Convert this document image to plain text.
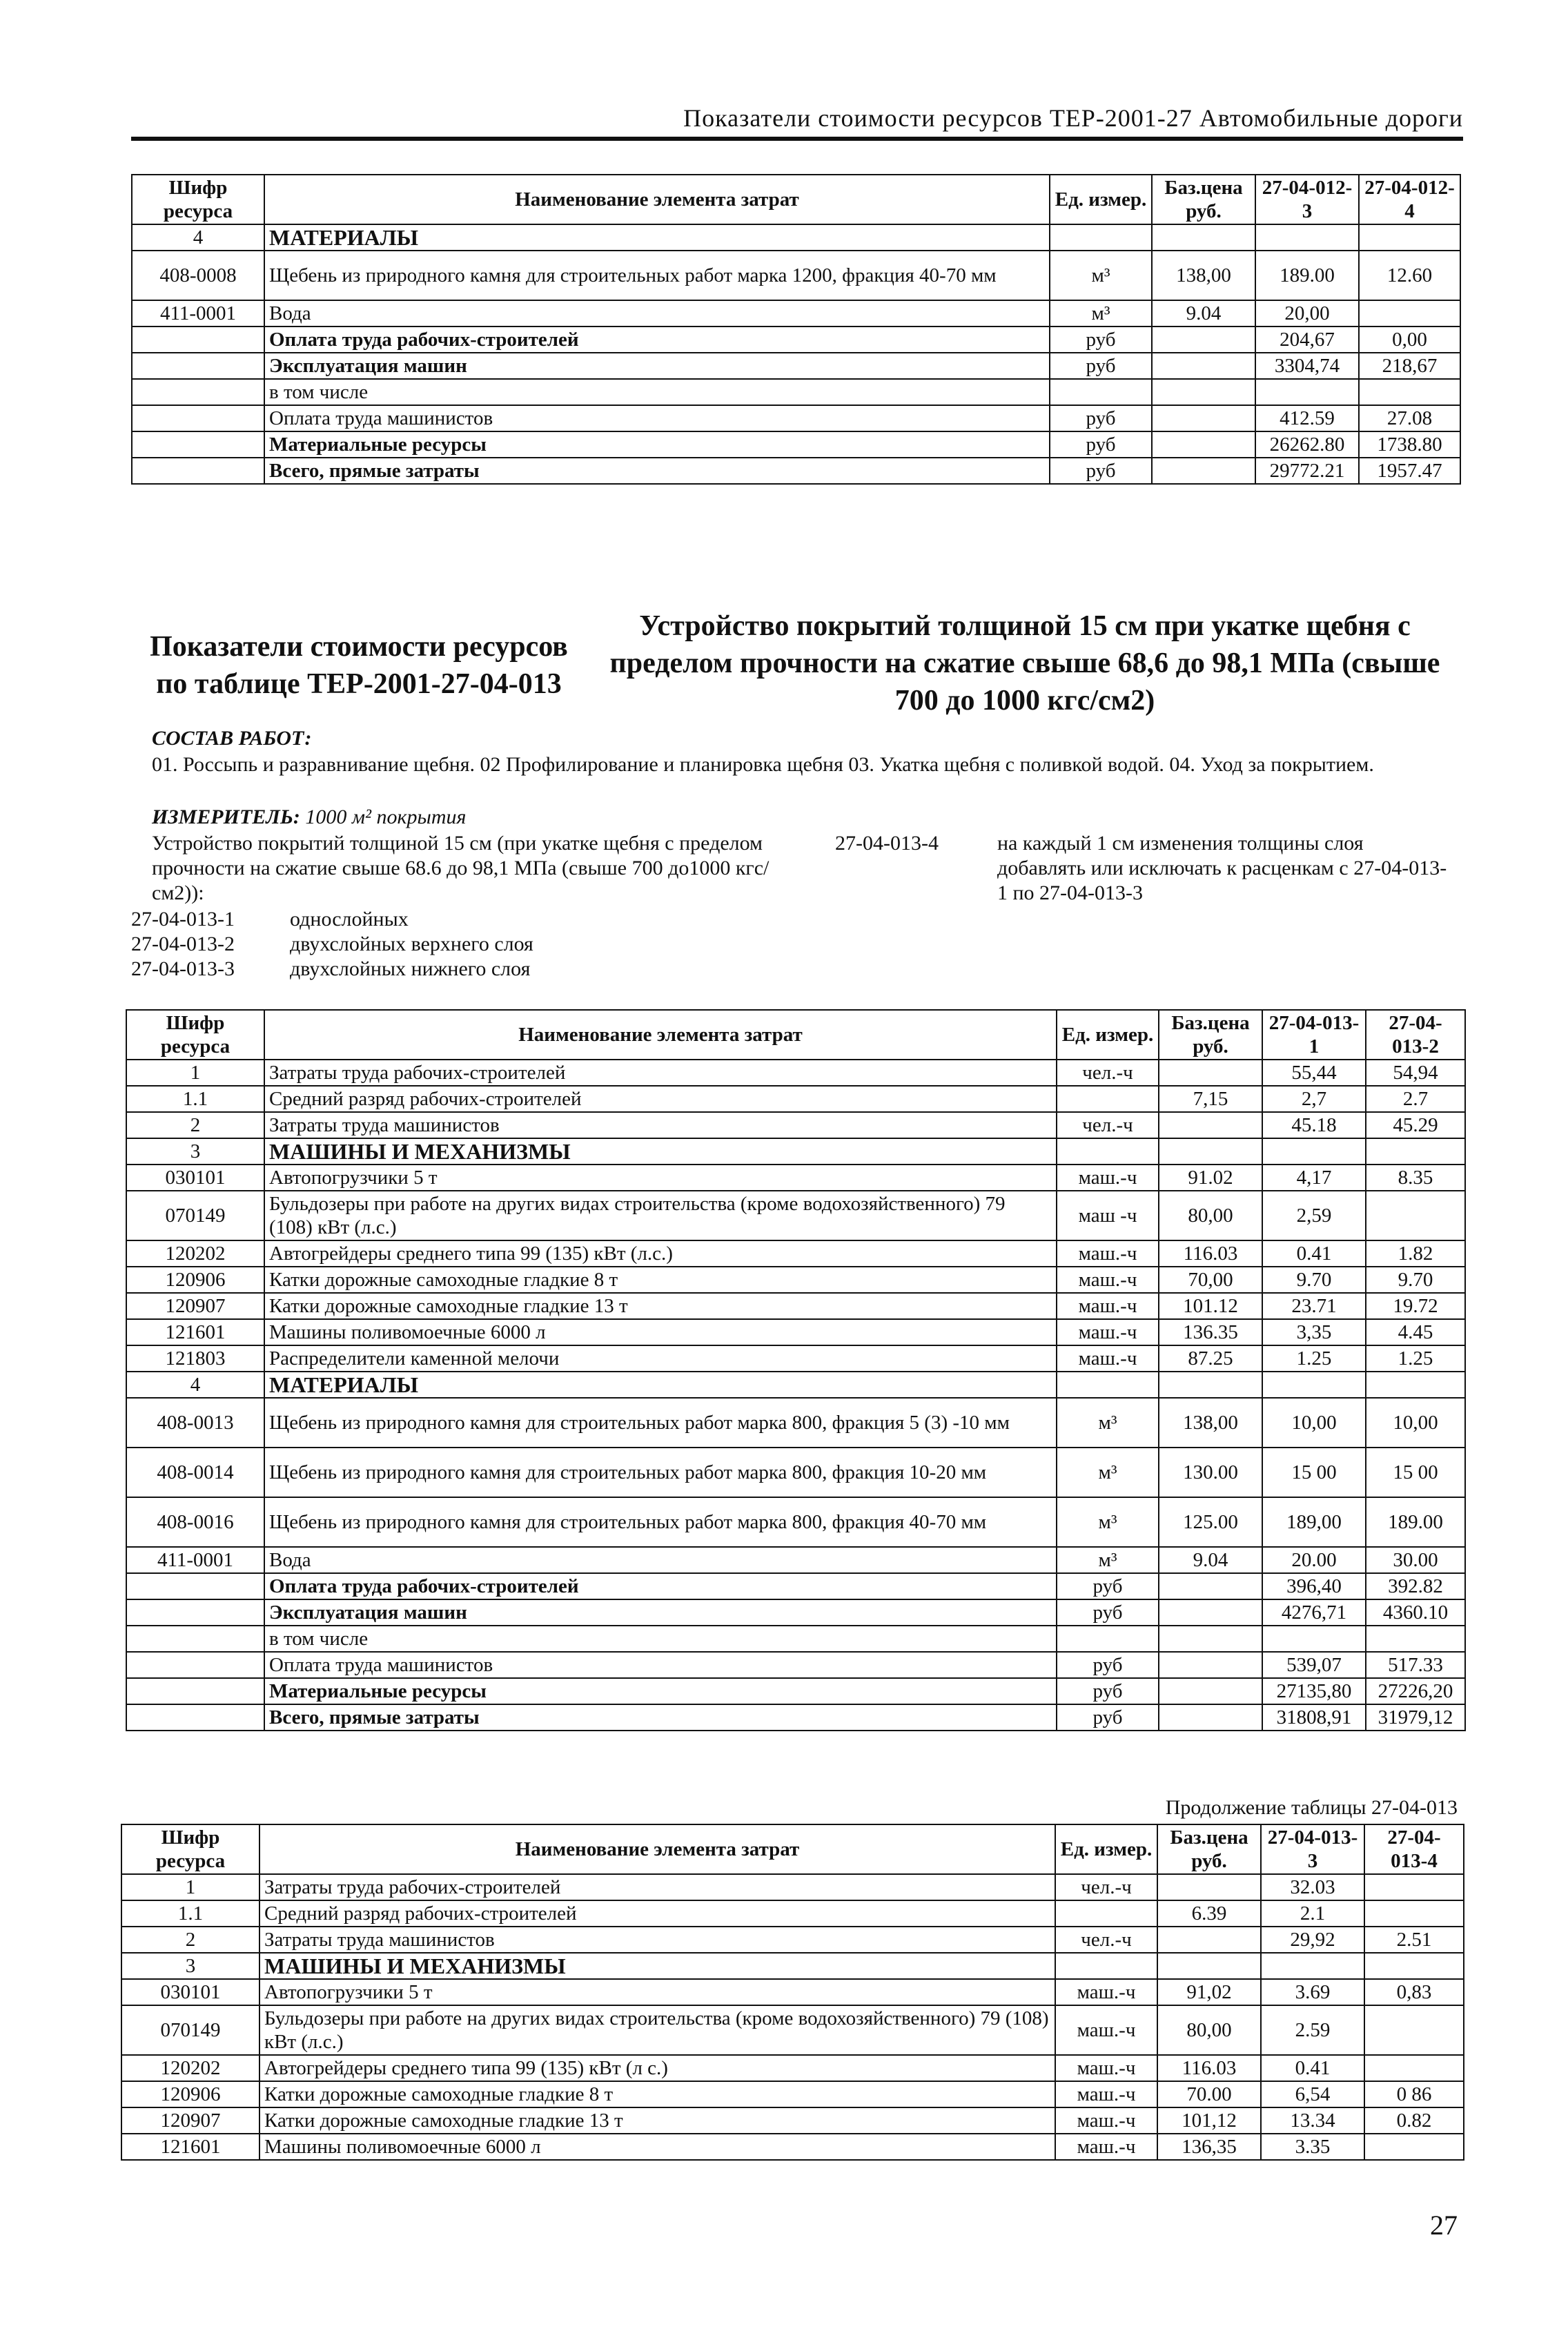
Показатели стоимости ресурсов ТЕР-2001-27 Автомобильные дороги
Шифр ресурса	Наименование элемента затрат	Ед. измер.	Баз.цена руб.	27-04-012-3	27-04-012-4
4	МАТЕРИАЛЫ				
408-0008	Щебень из природного камня для строительных работ марка 1200, фракция 40-70 мм	м³	138,00	189.00	12.60
411-0001	Вода	м³	9.04	20,00	
	Оплата труда рабочих-строителей	руб		204,67	0,00
	Эксплуатация машин	руб		3304,74	218,67
	в том числе				
	Оплата труда машинистов	руб		412.59	27.08
	Материальные ресурсы	руб		26262.80	1738.80
	Всего, прямые затраты	руб		29772.21	1957.47
Показатели стоимости ресурсов по таблице ТЕР-2001-27-04-013
Устройство покрытий толщиной 15 см при укатке щебня с пределом прочности на сжатие свыше 68,6 до 98,1 МПа (свыше 700 до 1000 кгс/см2)
СОСТАВ РАБОТ:
01. Россыпь и разравнивание щебня. 02 Профилирование и планировка щебня 03. Укатка щебня с поливкой водой. 04. Уход за покрытием.
ИЗМЕРИТЕЛЬ: 1000 м² покрытия
Устройство покрытий толщиной 15 см (при укатке щебня с пределом прочности на сжатие свыше 68.6 до 98,1 МПа (свыше 700 до1000 кгс/см2)):
27-04-013-1	однослойных
27-04-013-2	двухслойных верхнего слоя
27-04-013-3	двухслойных нижнего слоя
27-04-013-4	на каждый 1 см изменения толщины слоя добавлять или исключать к расценкам с 27-04-013-1 по 27-04-013-3
Шифр ресурса	Наименование элемента затрат	Ед. измер.	Баз.цена руб.	27-04-013-1	27-04-013-2
1	Затраты труда рабочих-строителей	чел.-ч		55,44	54,94
1.1	Средний разряд рабочих-строителей		7,15	2,7	2.7
2	Затраты труда машинистов	чел.-ч		45.18	45.29
3	МАШИНЫ И МЕХАНИЗМЫ				
030101	Автопогрузчики 5 т	маш.-ч	91.02	4,17	8.35
070149	Бульдозеры при работе на других видах строительства (кроме водохозяйственного) 79 (108) кВт (л.с.)	маш -ч	80,00	2,59	
120202	Автогрейдеры среднего типа 99 (135) кВт (л.с.)	маш.-ч	116.03	0.41	1.82
120906	Катки дорожные самоходные гладкие 8 т	маш.-ч	70,00	9.70	9.70
120907	Катки дорожные самоходные гладкие 13 т	маш.-ч	101.12	23.71	19.72
121601	Машины поливомоечные 6000 л	маш.-ч	136.35	3,35	4.45
121803	Распределители каменной мелочи	маш.-ч	87.25	1.25	1.25
4	МАТЕРИАЛЫ				
408-0013	Щебень из природного камня для строительных работ марка 800, фракция 5 (3) -10 мм	м³	138,00	10,00	10,00
408-0014	Щебень из природного камня для строительных работ марка 800, фракция 10-20 мм	м³	130.00	15 00	15 00
408-0016	Щебень из природного камня для строительных работ марка 800, фракция 40-70 мм	м³	125.00	189,00	189.00
411-0001	Вода	м³	9.04	20.00	30.00
	Оплата труда рабочих-строителей	руб		396,40	392.82
	Эксплуатация машин	руб		4276,71	4360.10
	в том числе				
	Оплата труда машинистов	руб		539,07	517.33
	Материальные ресурсы	руб		27135,80	27226,20
	Всего, прямые затраты	руб		31808,91	31979,12
Продолжение таблицы 27-04-013
Шифр ресурса	Наименование элемента затрат	Ед. измер.	Баз.цена руб.	27-04-013-3	27-04-013-4
1	Затраты труда рабочих-строителей	чел.-ч		32.03	
1.1	Средний разряд рабочих-строителей		6.39	2.1	
2	Затраты труда машинистов	чел.-ч		29,92	2.51
3	МАШИНЫ И МЕХАНИЗМЫ				
030101	Автопогрузчики 5 т	маш.-ч	91,02	3.69	0,83
070149	Бульдозеры при работе на других видах строительства (кроме водохозяйственного) 79 (108) кВт (л.с.)	маш.-ч	80,00	2.59	
120202	Автогрейдеры среднего типа 99 (135) кВт (л с.)	маш.-ч	116.03	0.41	
120906	Катки дорожные самоходные гладкие 8 т	маш.-ч	70.00	6,54	0 86
120907	Катки дорожные самоходные гладкие 13 т	маш.-ч	101,12	13.34	0.82
121601	Машины поливомоечные 6000 л	маш.-ч	136,35	3.35	
27
